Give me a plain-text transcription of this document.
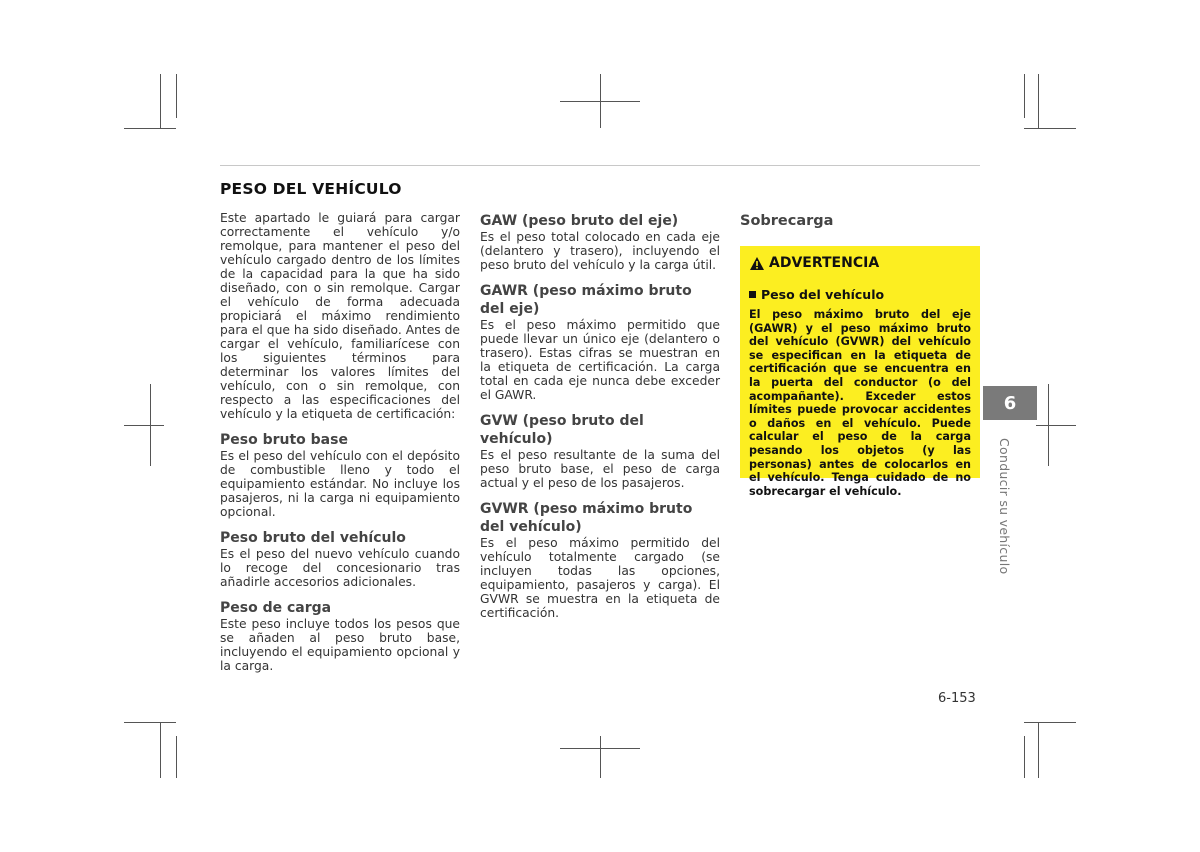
PESO DEL VEHÍCULO

Este apartado le guiará para cargar correctamente el vehículo y/o remolque, para mantener el peso del vehículo cargado dentro de los límites de la capacidad para la que ha sido diseñado, con o sin remolque. Cargar el vehículo de forma adecuada propiciará el máximo rendimiento para el que ha sido diseñado. Antes de cargar el vehículo, familiarícese con los siguientes términos para determinar los valores límites del vehículo, con o sin remolque, con respecto a las especificaciones del vehículo y la etiqueta de certificación:

Peso bruto base

Es el peso del vehículo con el depósito de combustible lleno y todo el equipamiento estándar. No incluye los pasajeros, ni la carga ni equipamiento opcional.

Peso bruto del vehículo

Es el peso del nuevo vehículo cuando lo recoge del concesionario tras añadirle accesorios adicionales.

Peso de carga

Este peso incluye todos los pesos que se añaden al peso bruto base, incluyendo el equipamiento opcional y la carga.

GAW (peso bruto del eje)

Es el peso total colocado en cada eje (delantero y trasero), incluyendo el peso bruto del vehículo y la carga útil.

GAWR (peso máximo bruto del eje)

Es el peso máximo permitido que puede llevar un único eje (delantero o trasero). Estas cifras se muestran en la etiqueta de certificación. La carga total en cada eje nunca debe exceder el GAWR.

GVW (peso bruto del vehículo)

Es el peso resultante de la suma del peso bruto base, el peso de carga actual y el peso de los pasajeros.

GVWR (peso máximo bruto del vehículo)

Es el peso máximo permitido del vehículo totalmente cargado (se incluyen todas las opciones, equipamiento, pasajeros y carga). El GVWR se muestra en la etiqueta de certificación.

Sobrecarga
ADVERTENCIA
Peso del vehículo

El peso máximo bruto del eje (GAWR) y el peso máximo bruto del vehículo (GVWR) del vehículo se especifican en la etiqueta de certificación que se encuentra en la puerta del conductor (o del acompañante). Exceder estos límites puede provocar accidentes o daños en el vehículo. Puede calcular el peso de la carga pesando los objetos (y las personas) antes de colocarlos en el vehículo. Tenga cuidado de no sobrecargar el vehículo.

6
Conducir su vehículo
6-153
